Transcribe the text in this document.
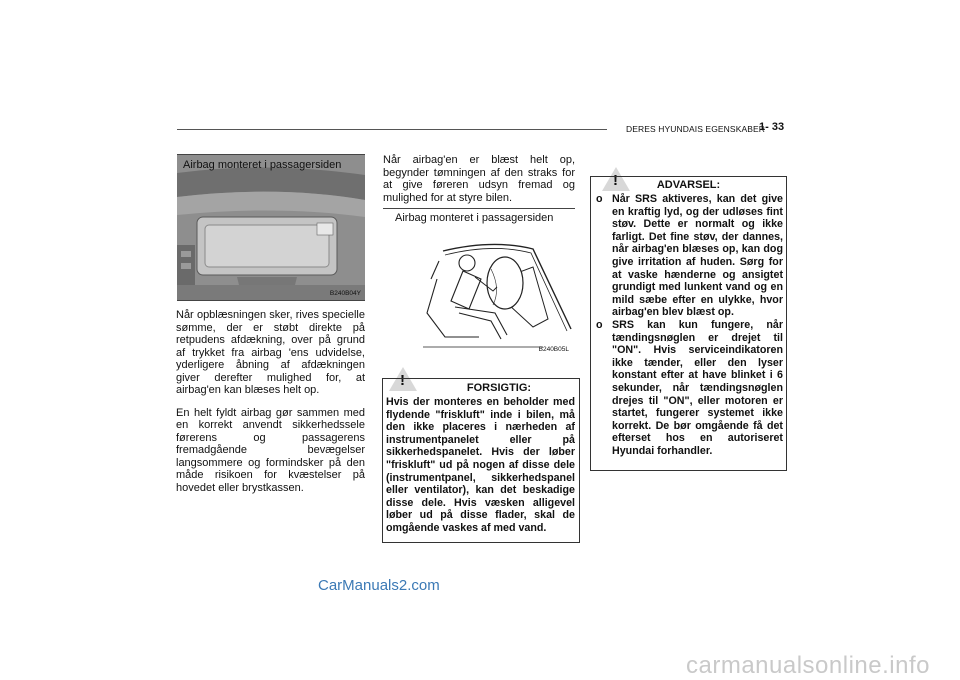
DERES HYUNDAIS EGENSKABER
1- 33
Airbag monteret i passagersiden
B240B04Y

Når opblæsningen sker, rives specielle sømme, der er støbt direkte på retpudens afdækning, over på grund af trykket fra airbag 'ens udvidelse, yderligere åbning af afdækningen giver derefter mulighed for, at airbag'en kan blæses helt op.

En helt fyldt airbag gør sammen med en korrekt anvendt sikkerhedssele førerens og passagerens fremadgående bevægelser langsommere og formindsker på den måde risikoen for kvæstelser på hovedet eller brystkassen.

Når airbag'en er blæst helt op, begynder tømningen af den straks for at give føreren udsyn fremad og mulighed for at styre bilen.
Airbag monteret i passagersiden
B240B05L
!	FORSIGTIG:
Hvis der monteres en beholder med flydende "friskluft" inde i bilen, må den ikke placeres i nærheden af instrumentpanelet eller på sikkerhedspanelet. Hvis der løber "friskluft" ud på nogen af disse dele (instrumentpanel, sikkerhedspanel eller ventilator), kan det beskadige disse dele. Hvis væsken alligevel løber ud på disse flader, skal de omgående vaskes af med vand.
!	ADVARSEL:
o Når SRS aktiveres, kan det give en kraftig lyd, og der udløses fint støv. Dette er normalt og ikke farligt. Det fine støv, der dannes, når airbag'en blæses op, kan dog give irritation af huden. Sørg for at vaske hænderne og ansigtet grundigt med lunkent vand og en mild sæbe efter en ulykke, hvor airbag'en blev blæst op.
o SRS kan kun fungere, når tændingsnøglen er drejet til "ON". Hvis serviceindikatoren ikke tænder, eller den lyser konstant efter at have blinket i 6 sekunder, når tændingsnøglen drejes til "ON", eller motoren er startet, fungerer systemet ikke korrekt. De bør omgående få det efterset hos en autoriseret Hyundai forhandler.
CarManuals2.com
carmanualsonline.info
